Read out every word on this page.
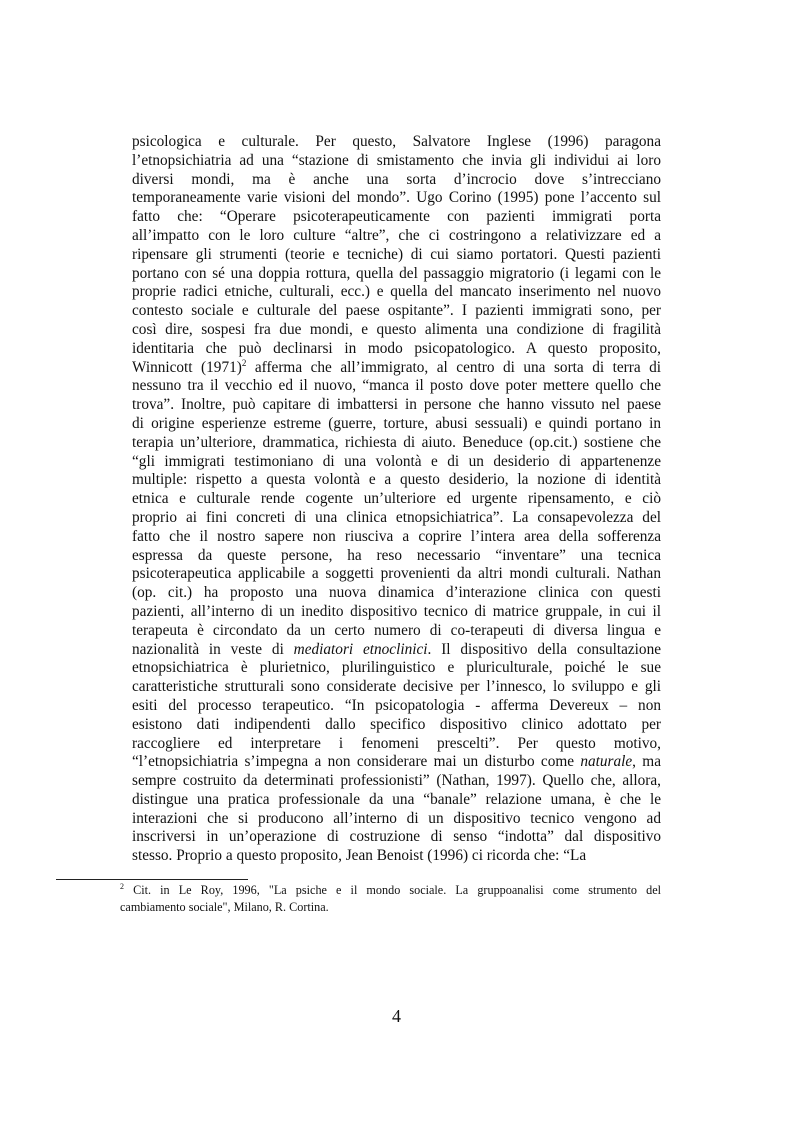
psicologica e culturale. Per questo, Salvatore Inglese (1996) paragona
l’etnopsichiatria ad una “stazione di smistamento che invia gli individui ai loro
diversi mondi, ma è anche una sorta d’incrocio dove s’intrecciano
temporaneamente varie visioni del mondo”. Ugo Corino (1995) pone l’accento sul
fatto che: “Operare psicoterapeuticamente con pazienti immigrati porta
all’impatto con le loro culture “altre”, che ci costringono a relativizzare ed a
ripensare gli strumenti (teorie e tecniche) di cui siamo portatori. Questi pazienti
portano con sé una doppia rottura, quella del passaggio migratorio (i legami con le
proprie radici etniche, culturali, ecc.) e quella del mancato inserimento nel nuovo
contesto sociale e culturale del paese ospitante”. I pazienti immigrati sono, per
così dire, sospesi fra due mondi, e questo alimenta una condizione di fragilità
identitaria che può declinarsi in modo psicopatologico. A questo proposito,
Winnicott $(1971)^2$ afferma che all’immigrato, al centro di una sorta di terra di
nessuno tra il vecchio ed il nuovo, “manca il posto dove poter mettere quello che
trova”. Inoltre, può capitare di imbattersi in persone che hanno vissuto nel paese
di origine esperienze estreme (guerre, torture, abusi sessuali) e quindi portano in
terapia un’ulteriore, drammatica, richiesta di aiuto. Beneduce (op.cit.) sostiene che
“gli immigrati testimoniano di una volontà e di un desiderio di appartenenze
multiple: rispetto a questa volontà e a questo desiderio, la nozione di identità
etnica e culturale rende cogente un’ulteriore ed urgente ripensamento, e ciò
proprio ai fini concreti di una clinica etnopsichiatrica”. La consapevolezza del
fatto che il nostro sapere non riusciva a coprire l’intera area della sofferenza
espressa da queste persone, ha reso necessario “inventare” una tecnica
psicoterapeutica applicabile a soggetti provenienti da altri mondi culturali. Nathan
(op. cit.) ha proposto una nuova dinamica d’interazione clinica con questi
pazienti, all’interno di un inedito dispositivo tecnico di matrice gruppale, in cui il
terapeuta è circondato da un certo numero di co-terapeuti di diversa lingua e
nazionalità in veste di mediatori etnoclinici. Il dispositivo della consultazione
etnopsichiatrica è plurietnico, plurilinguistico e pluriculturale, poiché le sue
caratteristiche strutturali sono considerate decisive per l’innesco, lo sviluppo e gli
esiti del processo terapeutico. “In psicopatologia - afferma Devereux – non
esistono dati indipendenti dallo specifico dispositivo clinico adottato per
raccogliere ed interpretare i fenomeni prescelti”. Per questo motivo,
“l’etnopsichiatria s’impegna a non considerare mai un disturbo come naturale, ma
sempre costruito da determinati professionisti” (Nathan, 1997). Quello che, allora,
distingue una pratica professionale da una “banale” relazione umana, è che le
interazioni che si producono all’interno di un dispositivo tecnico vengono ad
inscriversi in un’operazione di costruzione di senso “indotta” dal dispositivo
stesso. Proprio a questo proposito, Jean Benoist (1996) ci ricorda che: “La
$^2$ Cit. in Le Roy, 1996, "La psiche e il mondo sociale. La gruppoanalisi come strumento del
cambiamento sociale", Milano, R. Cortina.
4
